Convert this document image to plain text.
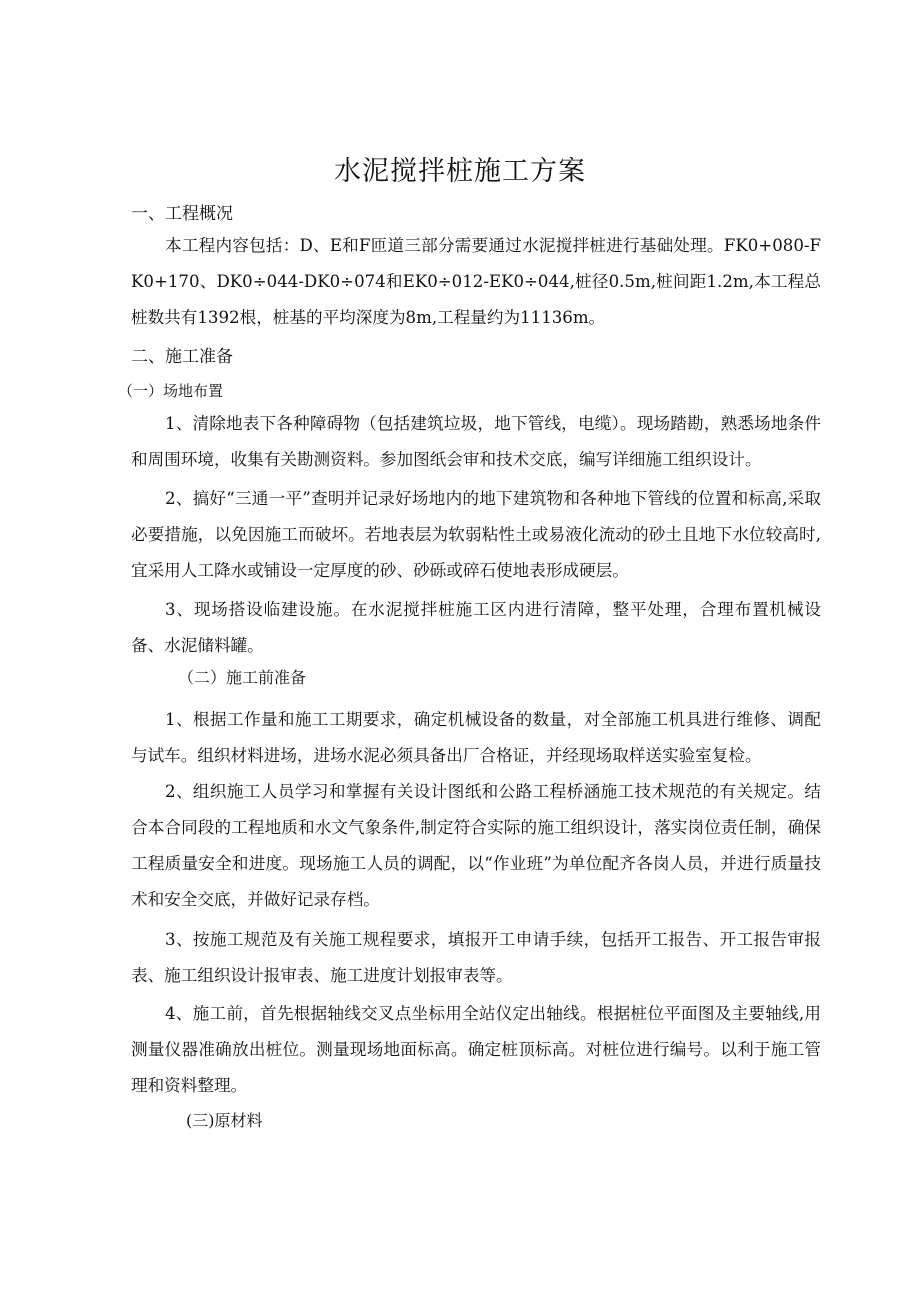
水泥搅拌桩施工方案
一、工程概况

本工程内容包括：D、E和F匝道三部分需要通过水泥搅拌桩进行基础处理。FK0+080-FK0+170、DK0÷044-DK0÷074和EK0÷012-EK0÷044,桩径0.5m,桩间距1.2m,本工程总桩数共有1392根，桩基的平均深度为8m,工程量约为11136m。

二、施工准备
（一）场地布置

1、清除地表下各种障碍物（包括建筑垃圾，地下管线，电缆）。现场踏勘，熟悉场地条件和周围环境，收集有关勘测资料。参加图纸会审和技术交底，编写详细施工组织设计。

2、搞好“三通一平”查明并记录好场地内的地下建筑物和各种地下管线的位置和标高,采取必要措施，以免因施工而破坏。若地表层为软弱粘性土或易液化流动的砂土且地下水位较高时,宜采用人工降水或铺设一定厚度的砂、砂砾或碎石使地表形成硬层。

3、现场搭设临建设施。在水泥搅拌桩施工区内进行清障，整平处理，合理布置机械设备、水泥储料罐。

（二）施工前准备

1、根据工作量和施工工期要求，确定机械设备的数量，对全部施工机具进行维修、调配与试车。组织材料进场，进场水泥必须具备出厂合格证，并经现场取样送实验室复检。

2、组织施工人员学习和掌握有关设计图纸和公路工程桥涵施工技术规范的有关规定。结合本合同段的工程地质和水文气象条件,制定符合实际的施工组织设计，落实岗位责任制，确保工程质量安全和进度。现场施工人员的调配，以“作业班”为单位配齐各岗人员，并进行质量技术和安全交底，并做好记录存档。

3、按施工规范及有关施工规程要求，填报开工申请手续，包括开工报告、开工报告审报表、施工组织设计报审表、施工进度计划报审表等。

4、施工前，首先根据轴线交叉点坐标用全站仪定出轴线。根据桩位平面图及主要轴线,用测量仪器准确放出桩位。测量现场地面标高。确定桩顶标高。对桩位进行编号。以利于施工管理和资料整理。

(三)原材料
